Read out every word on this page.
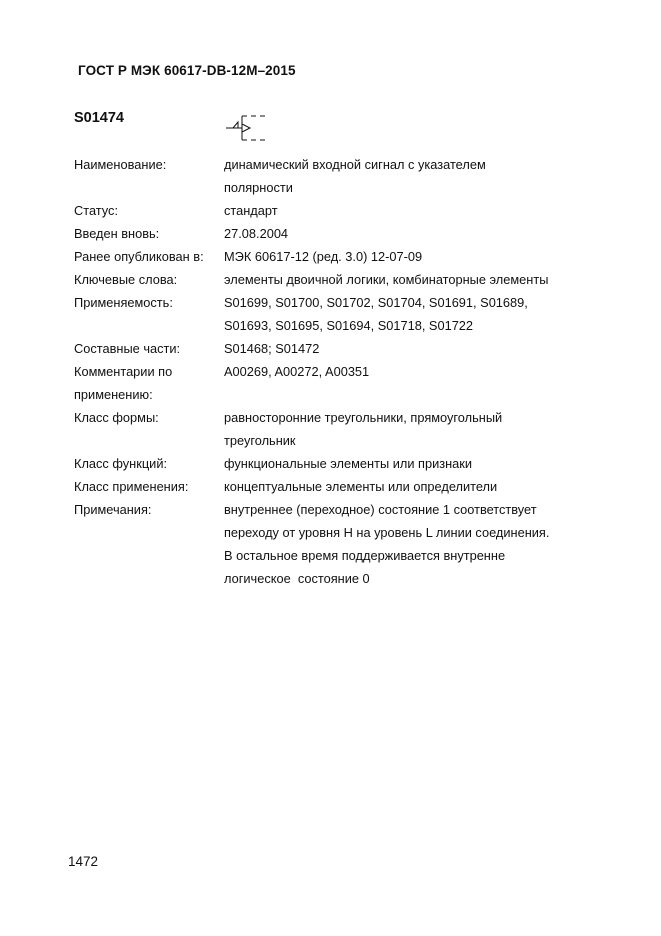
ГОСТ Р МЭК 60617-DB-12M–2015
S01474
Наименование:	динамический входной сигнал с указателем
полярности
Статус:	стандарт
Введен вновь:	27.08.2004
Ранее опубликован в:	МЭК 60617-12 (ред. 3.0) 12-07-09
Ключевые слова:	элементы двоичной логики, комбинаторные элементы
Применяемость:	S01699, S01700, S01702, S01704, S01691, S01689,
S01693, S01695, S01694, S01718, S01722
Составные части:	S01468; S01472
Комментарии по
применению:
A00269, A00272, A00351
Класс формы:	равносторонние треугольники, прямоугольный
треугольник
Класс функций:	функциональные элементы или признаки
Класс применения:	концептуальные элементы или определители
Примечания:	внутреннее (переходное) состояние 1 соответствует
переходу от уровня H на уровень L линии соединения.
В остальное время поддерживается внутренне
логическое  состояние 0
1472
